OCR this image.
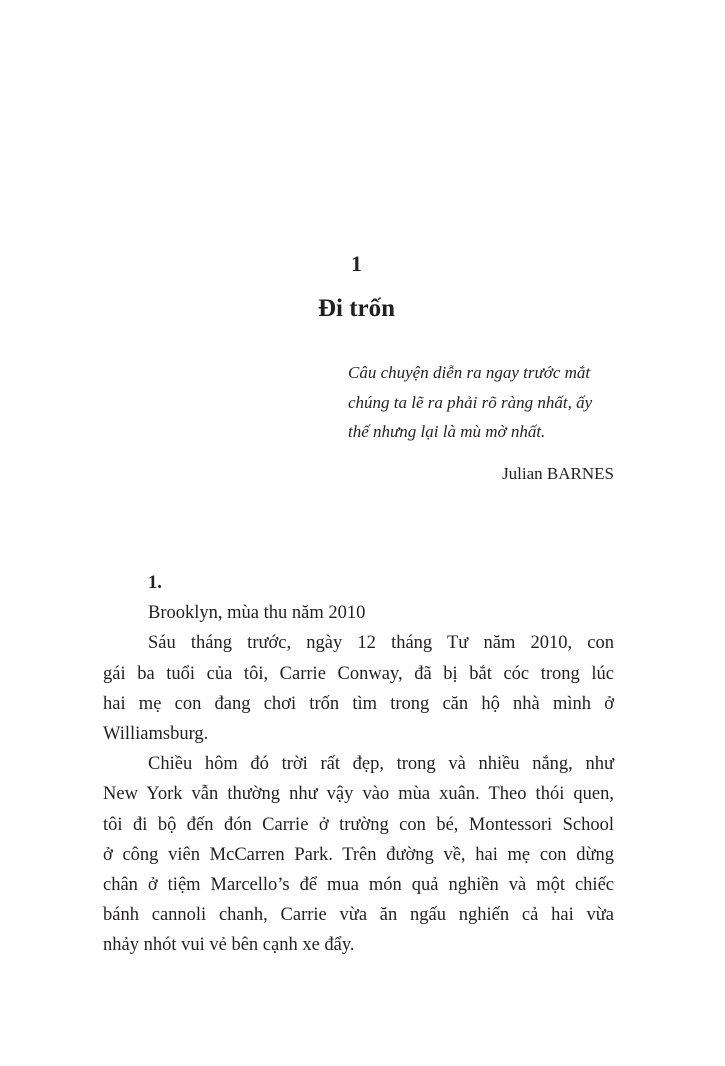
1
Đi trốn

Câu chuyện diễn ra ngay trước mắt

chúng ta lẽ ra phải rõ ràng nhất, ấy

thế nhưng lại là mù mờ nhất.

Julian BARNES
1.
Brooklyn, mùa thu năm 2010
Sáu tháng trước, ngày 12 tháng Tư năm 2010, con
gái ba tuổi của tôi, Carrie Conway, đã bị bắt cóc trong lúc
hai mẹ con đang chơi trốn tìm trong căn hộ nhà mình ở
Williamsburg.
Chiều hôm đó trời rất đẹp, trong và nhiều nắng, như
New York vẫn thường như vậy vào mùa xuân. Theo thói quen,
tôi đi bộ đến đón Carrie ở trường con bé, Montessori School
ở công viên McCarren Park. Trên đường về, hai mẹ con dừng
chân ở tiệm Marcello’s để mua món quả nghiền và một chiếc
bánh cannoli chanh, Carrie vừa ăn ngấu nghiến cả hai vừa
nhảy nhót vui vẻ bên cạnh xe đẩy.
